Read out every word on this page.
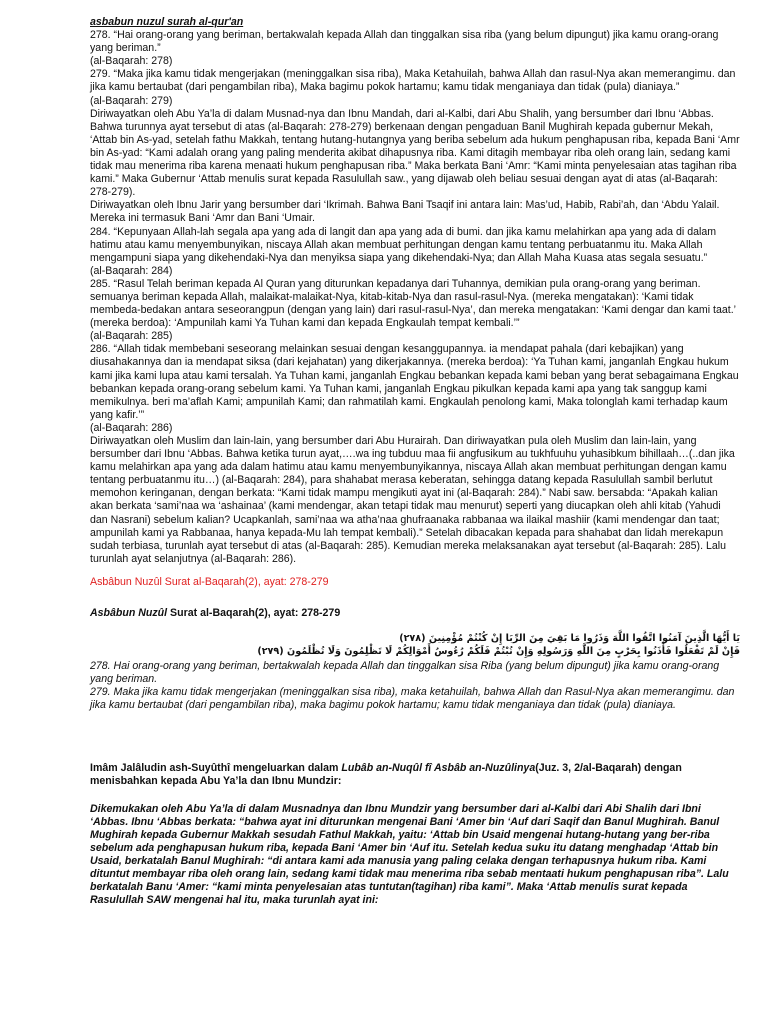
asbabun nuzul surah al-qur'an

278. “Hai orang-orang yang beriman, bertakwalah kepada Allah dan tinggalkan sisa riba (yang belum dipungut) jika kamu orang-orang yang beriman.”

(al-Baqarah: 278)

279. “Maka jika kamu tidak mengerjakan (meninggalkan sisa riba), Maka Ketahuilah, bahwa Allah dan rasul-Nya akan memerangimu. dan jika kamu bertaubat (dari pengambilan riba), Maka bagimu pokok hartamu; kamu tidak menganiaya dan tidak (pula) dianiaya.”

(al-Baqarah: 279)

Diriwayatkan oleh Abu Ya’la di dalam Musnad-nya dan Ibnu Mandah, dari al-Kalbi, dari Abu Shalih, yang bersumber dari Ibnu ‘Abbas. Bahwa turunnya ayat tersebut di atas (al-Baqarah: 278-279) berkenaan dengan pengaduan Banil Mughirah kepada gubernur Mekah, ‘Attab bin As-yad, setelah fathu Makkah, tentang hutang-hutangnya yang beriba sebelum ada hukum penghapusan riba, kepada Bani ‘Amr bin As-yad: “Kami adalah orang yang paling menderita akibat dihapusnya riba. Kami ditagih membayar riba oleh orang lain, sedang kami tidak mau menerima riba karena menaati hukum penghapusan riba.” Maka berkata Bani ‘Amr: “Kami minta penyelesaian atas tagihan riba kami.” Maka Gubernur ‘Attab menulis surat kepada Rasulullah saw., yang dijawab oleh beliau sesuai dengan ayat di atas (al-Baqarah: 278-279).

Diriwayatkan oleh Ibnu Jarir yang bersumber dari ‘Ikrimah. Bahwa Bani Tsaqif ini antara lain: Mas’ud, Habib, Rabi’ah, dan ‘Abdu Yalail. Mereka ini termasuk Bani ‘Amr dan Bani ‘Umair.

284. “Kepunyaan Allah-lah segala apa yang ada di langit dan apa yang ada di bumi. dan jika kamu melahirkan apa yang ada di dalam hatimu atau kamu menyembunyikan, niscaya Allah akan membuat perhitungan dengan kamu tentang perbuatanmu itu. Maka Allah mengampuni siapa yang dikehendaki-Nya dan menyiksa siapa yang dikehendaki-Nya; dan Allah Maha Kuasa atas segala sesuatu.”

(al-Baqarah: 284)

285. “Rasul Telah beriman kepada Al Quran yang diturunkan kepadanya dari Tuhannya, demikian pula orang-orang yang beriman. semuanya beriman kepada Allah, malaikat-malaikat-Nya, kitab-kitab-Nya dan rasul-rasul-Nya. (mereka mengatakan): ‘Kami tidak membeda-bedakan antara seseorangpun (dengan yang lain) dari rasul-rasul-Nya’, dan mereka mengatakan: ‘Kami dengar dan kami taat.’ (mereka berdoa): ‘Ampunilah kami Ya Tuhan kami dan kepada Engkaulah tempat kembali.’”

(al-Baqarah: 285)

286. “Allah tidak membebani seseorang melainkan sesuai dengan kesanggupannya. ia mendapat pahala (dari kebajikan) yang diusahakannya dan ia mendapat siksa (dari kejahatan) yang dikerjakannya. (mereka berdoa): ‘Ya Tuhan kami, janganlah Engkau hukum kami jika kami lupa atau kami tersalah. Ya Tuhan kami, janganlah Engkau bebankan kepada kami beban yang berat sebagaimana Engkau bebankan kepada orang-orang sebelum kami. Ya Tuhan kami, janganlah Engkau pikulkan kepada kami apa yang tak sanggup kami memikulnya. beri ma’aflah Kami; ampunilah Kami; dan rahmatilah kami. Engkaulah penolong kami, Maka tolonglah kami terhadap kaum yang kafir.’”

(al-Baqarah: 286)

Diriwayatkan oleh Muslim dan lain-lain, yang bersumber dari Abu Hurairah. Dan diriwayatkan pula oleh Muslim dan lain-lain, yang bersumber dari Ibnu ‘Abbas. Bahwa ketika turun ayat,….wa ing tubduu maa fii angfusikum au tukhfuuhu yuhasibkum bihillaah…(..dan jika kamu melahirkan apa yang ada dalam hatimu atau kamu menyembunyikannya, niscaya Allah akan membuat perhitungan dengan kamu tentang perbuatanmu itu…) (al-Baqarah: 284), para shahabat merasa keberatan, sehingga datang kepada Rasulullah sambil berlutut memohon keringanan, dengan berkata: “Kami tidak mampu mengikuti ayat ini (al-Baqarah: 284).” Nabi saw. bersabda: “Apakah kalian akan berkata ‘sami’naa wa ‘ashainaa’ (kami mendengar, akan tetapi tidak mau menurut) seperti yang diucapkan oleh ahli kitab (Yahudi dan Nasrani) sebelum kalian? Ucapkanlah, sami’naa wa atha’naa ghufraanaka rabbanaa wa ilaikal mashiir (kami mendengar dan taat; ampunilah kami ya Rabbanaa, hanya kepada-Mu lah tempat kembali).” Setelah dibacakan kepada para shahabat dan lidah merekapun sudah terbiasa, turunlah ayat tersebut di atas (al-Baqarah: 285). Kemudian mereka melaksanakan ayat tersebut (al-Baqarah: 285). Lalu turunlah ayat selanjutnya (al-Baqarah: 286).

Asbâbun Nuzûl Surat al-Baqarah(2), ayat: 278-279

Asbâbun Nuzûl Surat al-Baqarah(2), ayat: 278-279

يَا أَيُّهَا الَّذِينَ آمَنُوا اتَّقُوا اللَّهَ وَذَرُوا مَا بَقِيَ مِنَ الرِّبَا إِنْ كُنْتُمْ مُؤْمِنِينَ (٢٧٨)

فَإِنْ لَمْ تَفْعَلُوا فَأْذَنُوا بِحَرْبٍ مِنَ اللَّهِ وَرَسُولِهِ وَإِنْ تُبْتُمْ فَلَكُمْ رُءُوسُ أَمْوَالِكُمْ لَا تَظْلِمُونَ وَلَا تُظْلَمُونَ (٢٧٩)

278. Hai orang-orang yang beriman, bertakwalah kepada Allah dan tinggalkan sisa Riba (yang belum dipungut) jika kamu orang-orang yang beriman.

279. Maka jika kamu tidak mengerjakan (meninggalkan sisa riba), maka ketahuilah, bahwa Allah dan Rasul-Nya akan memerangimu. dan jika kamu bertaubat (dari pengambilan riba), maka bagimu pokok hartamu; kamu tidak menganiaya dan tidak (pula) dianiaya.

Imâm Jalâludin ash-Suyûthî mengeluarkan dalam Lubâb an-Nuqûl fî Asbâb an-Nuzûlinya(Juz. 3, 2/al-Baqarah) dengan menisbahkan kepada Abu Ya’la dan Ibnu Mundzir:

Dikemukakan oleh Abu Ya’la di dalam Musnadnya dan Ibnu Mundzir yang bersumber dari al-Kalbi dari Abi Shalih dari Ibni ‘Abbas. Ibnu ‘Abbas berkata: “bahwa ayat ini diturunkan mengenai Bani ‘Amer bin ‘Auf dari Saqif dan Banul Mughirah. Banul Mughirah kepada Gubernur Makkah sesudah Fathul Makkah, yaitu: ‘Attab bin Usaid mengenai hutang-hutang yang ber-riba sebelum ada penghapusan hukum riba, kepada Bani ‘Amer bin ‘Auf itu. Setelah kedua suku itu datang menghadap ‘Attab bin Usaid, berkatalah Banul Mughirah: “di antara kami ada manusia yang paling celaka dengan terhapusnya hukum riba. Kami dituntut membayar riba oleh orang lain, sedang kami tidak mau menerima riba sebab mentaati hukum penghapusan riba”. Lalu berkatalah Banu ‘Amer: “kami minta penyelesaian atas tuntutan(tagihan) riba kami”. Maka ‘Attab menulis surat kepada Rasulullah SAW mengenai hal itu, maka turunlah ayat ini:
